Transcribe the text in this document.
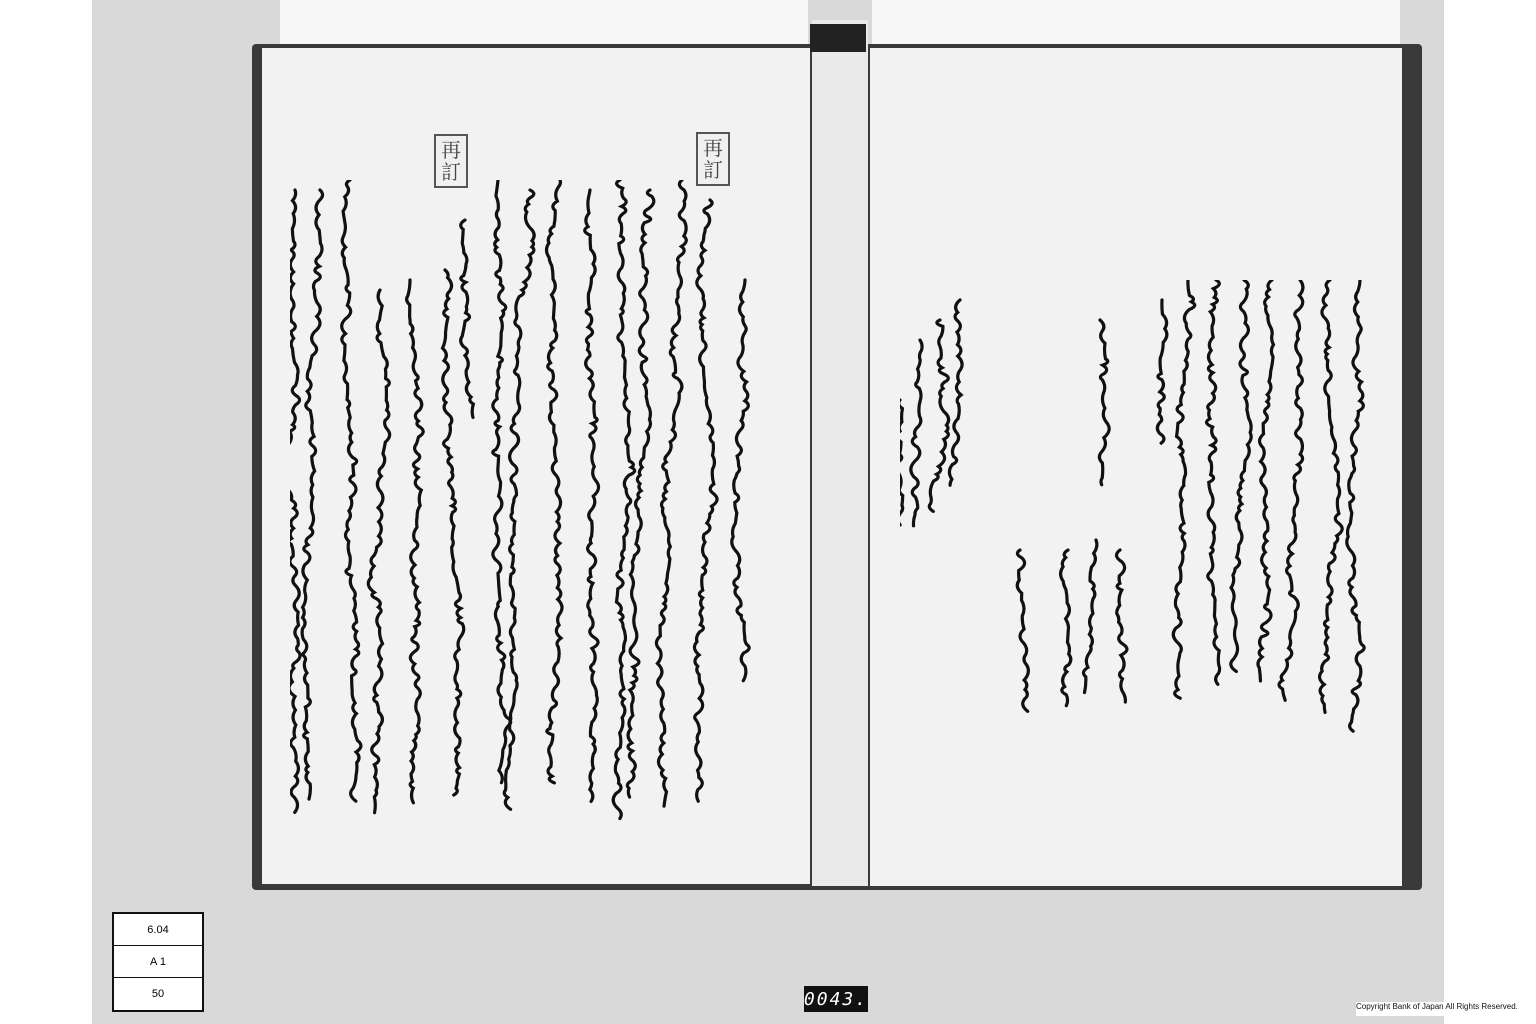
再訂
再訂
6.04
A 1
50	0043.	Copyright Bank of Japan All Rights Reserved.
